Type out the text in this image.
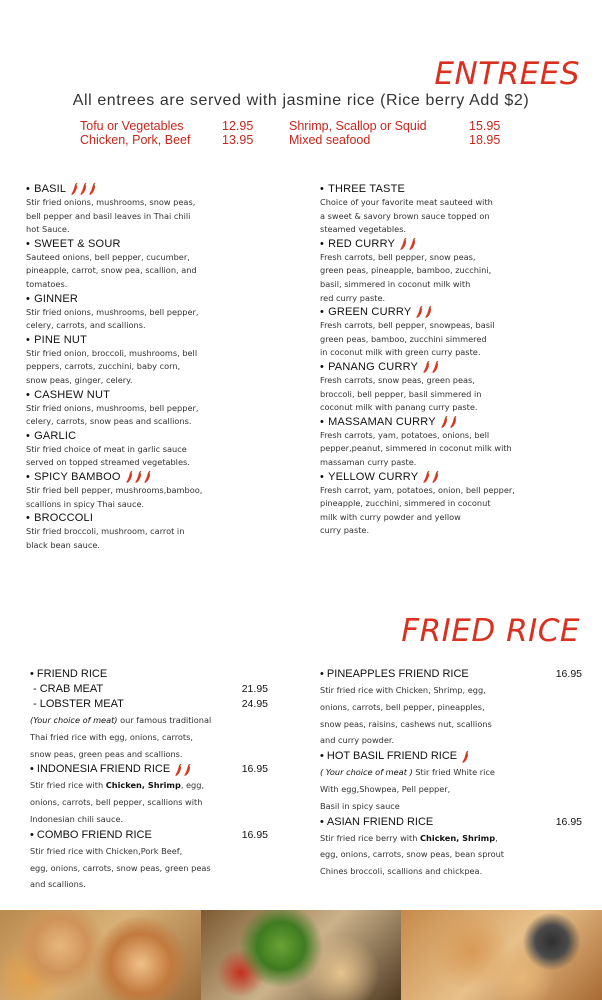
ENTREES
All entrees are served with jasmine rice (Rice berry Add $2)
Tofu or Vegetables	12.95
Chicken, Pork, Beef	13.95
Shrimp, Scallop or Squid	15.95
Mixed seafood	18.95
• BASIL
Stir fried onions, mushrooms, snow peas,
bell pepper and basil leaves in Thai chili
hot Sauce.
• SWEET & SOUR
Sauteed onions, bell pepper, cucumber,
pineapple, carrot, snow pea, scallion, and
tomatoes.
• GINNER
Stir fried onions, mushrooms, bell pepper,
celery, carrots, and scallions.
• PINE NUT
Stir fried onion, broccoli, mushrooms, bell
peppers, carrots, zucchini, baby corn,
snow peas, ginger, celery.
• CASHEW NUT
Stir fried onions, mushrooms, bell pepper,
celery, carrots, snow peas and scallions.
• GARLIC
Stir fried choice of meat in garlic sauce
served on topped streamed vegetables.
• SPICY BAMBOO
Stir fried bell pepper, mushrooms,bamboo,
scallions in spicy Thai sauce.
• BROCCOLI
Stir fried broccoli, mushroom, carrot in
black bean sauce.
• THREE TASTE
Choice of your favorite meat sauteed with
a sweet & savory brown sauce topped on
steamed vegetables.
• RED CURRY
Fresh carrots, bell pepper, snow peas,
green peas, pineapple, bamboo, zucchini,
basil, simmered in coconut milk with
red curry paste.
• GREEN CURRY
Fresh carrots, bell pepper, snowpeas, basil
green peas, bamboo, zucchini simmered
in coconut milk with green curry paste.
• PANANG CURRY
Fresh carrots, snow peas, green peas,
broccoli, bell pepper, basil simmered in
coconut milk with panang curry paste.
• MASSAMAN CURRY
Fresh carrots, yam, potatoes, onions, bell
pepper,peanut, simmered in coconut milk with
massaman curry paste.
• YELLOW CURRY
Fresh carrot, yam, potatoes, onion, bell pepper,
pineapple, zucchini, simmered in coconut
milk with curry powder and yellow
curry paste.
FRIED RICE
• FRIEND RICE
- CRAB MEAT	21.95
- LOBSTER MEAT	24.95
(Your choice of meat) our famous traditional
Thai fried rice with egg, onions, carrots,
snow peas, green peas and scallions.
• INDONESIA FRIEND RICE	16.95
Stir fried rice with Chicken, Shrimp, egg,
onions, carrots, bell pepper, scallions with
Indonesian chili sauce.
• COMBO FRIEND RICE	16.95
Stir fried rice with Chicken,Pork Beef,
egg, onions, carrots, snow peas, green peas
and scallions.
• PINEAPPLES FRIEND RICE	16.95
Stir fried rice with Chicken, Shrimp, egg,
onions, carrots, bell pepper, pineapples,
snow peas, raisins, cashews nut, scallions
and curry powder.
• HOT BASIL FRIEND RICE
( Your choice of meat ) Stir fried White rice
With egg,Showpea, Pell pepper,
Basil in spicy sauce
• ASIAN FRIEND RICE	16.95
Stir fried rice berry with Chicken, Shrimp,
egg, onions, carrots, snow peas, bean sprout
Chines broccoli, scallions and chickpea.
pix
